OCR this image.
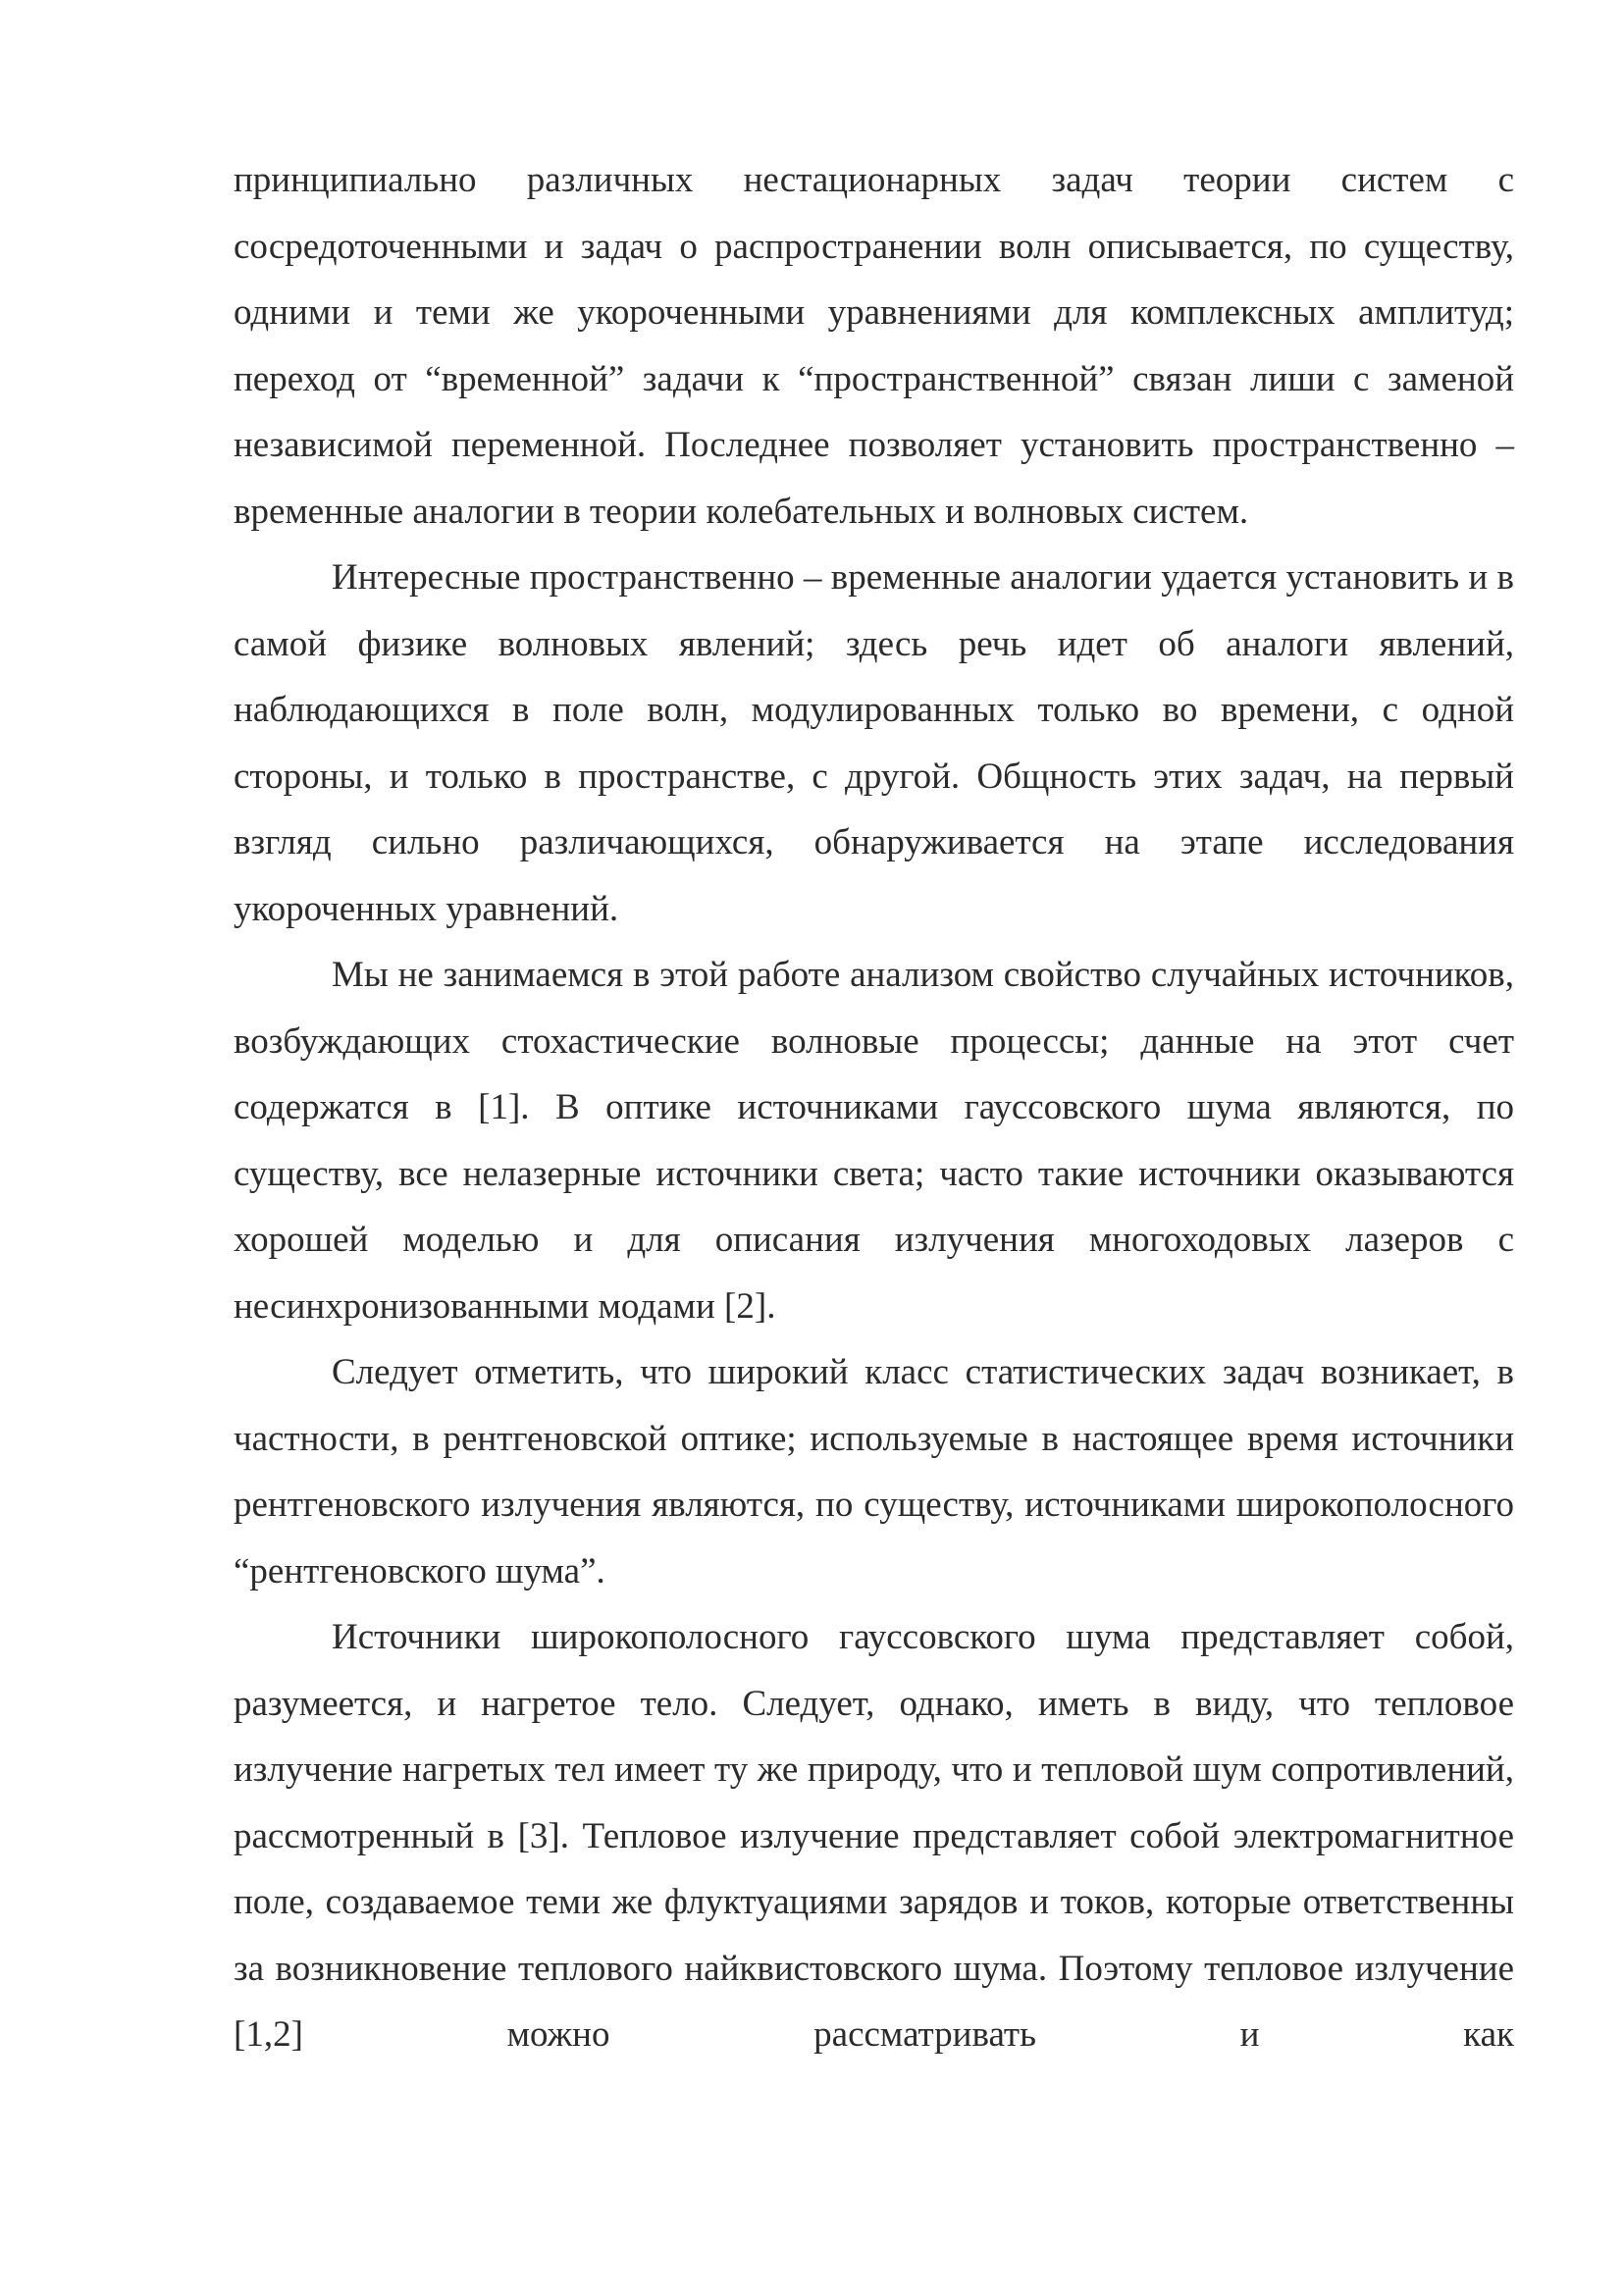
принципиально различных нестационарных задач теории систем с сосредоточенными и задач о распространении волн описывается, по существу, одними и теми же укороченными уравнениями для комплексных амплитуд; переход от “временной” задачи к “пространственной” связан лиши с заменой независимой переменной. Последнее позволяет установить пространственно – временные аналогии в теории колебательных и волновых систем.

Интересные пространственно – временные аналогии удается установить и в самой физике волновых явлений; здесь речь идет об аналоги явлений, наблюдающихся в поле волн, модулированных только во времени, с одной стороны, и только в пространстве, с другой. Общность этих задач, на первый взгляд сильно различающихся, обнаруживается на этапе исследования укороченных уравнений.

Мы не занимаемся в этой работе анализом свойство случайных источников, возбуждающих стохастические волновые процессы; данные на этот счет содержатся в [1]. В оптике источниками гауссовского шума являются, по существу, все нелазерные источники света; часто такие источники оказываются хорошей моделью и для описания излучения многоходовых лазеров с несинхронизованными модами [2].

Следует отметить, что широкий класс статистических задач возникает, в частности, в рентгеновской оптике; используемые в настоящее время источники рентгеновского излучения являются, по существу, источниками широкополосного “рентгеновского шума”.

Источники широкополосного гауссовского шума представляет собой, разумеется, и нагретое тело. Следует, однако, иметь в виду, что тепловое излучение нагретых тел имеет ту же природу, что и тепловой шум сопротивлений, рассмотренный в [3]. Тепловое излучение представляет собой электромагнитное поле, создаваемое теми же флуктуациями зарядов и токов, которые ответственны за возникновение теплового найквистовского шума. Поэтому тепловое излучение [1,2] можно рассматривать и как
